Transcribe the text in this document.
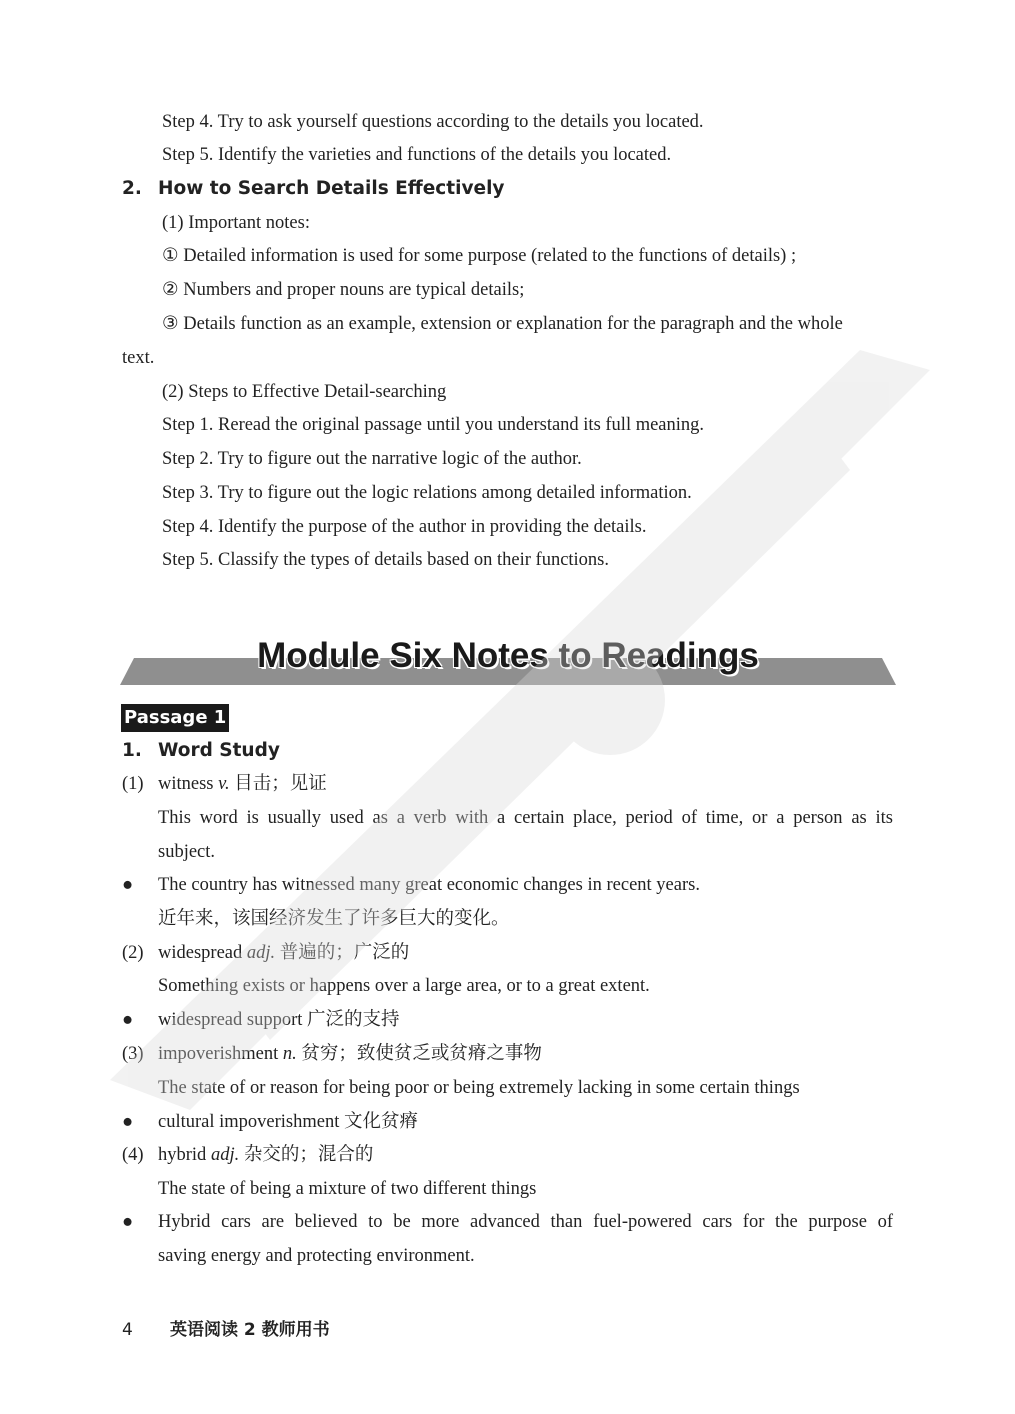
Step 4. Try to ask yourself questions according to the details you located.
Step 5. Identify the varieties and functions of the details you located.
2. How to Search Details Effectively
(1) Important notes:
① Detailed information is used for some purpose (related to the functions of details) ;
② Numbers and proper nouns are typical details;
③ Details function as an example, extension or explanation for the paragraph and the whole
text.
(2) Steps to Effective Detail-searching
Step 1. Reread the original passage until you understand its full meaning.
Step 2. Try to figure out the narrative logic of the author.
Step 3. Try to figure out the logic relations among detailed information.
Step 4. Identify the purpose of the author in providing the details.
Step 5. Classify the types of details based on their functions.
Module Six Notes to Readings
Passage 1
1. Word Study
(1) witness v. 目击；见证
This word is usually used as a verb with a certain place, period of time, or a person as its
subject.
● The country has witnessed many great economic changes in recent years.
近年来，该国经济发生了许多巨大的变化。
(2) widespread adj. 普遍的；广泛的
Something exists or happens over a large area, or to a great extent.
● widespread support 广泛的支持
(3) impoverishment n. 贫穷；致使贫乏或贫瘠之事物
The state of or reason for being poor or being extremely lacking in some certain things
● cultural impoverishment 文化贫瘠
(4) hybrid adj. 杂交的；混合的
The state of being a mixture of two different things
● Hybrid cars are believed to be more advanced than fuel-powered cars for the purpose of
saving energy and protecting environment.
4 英语阅读 2 教师用书
